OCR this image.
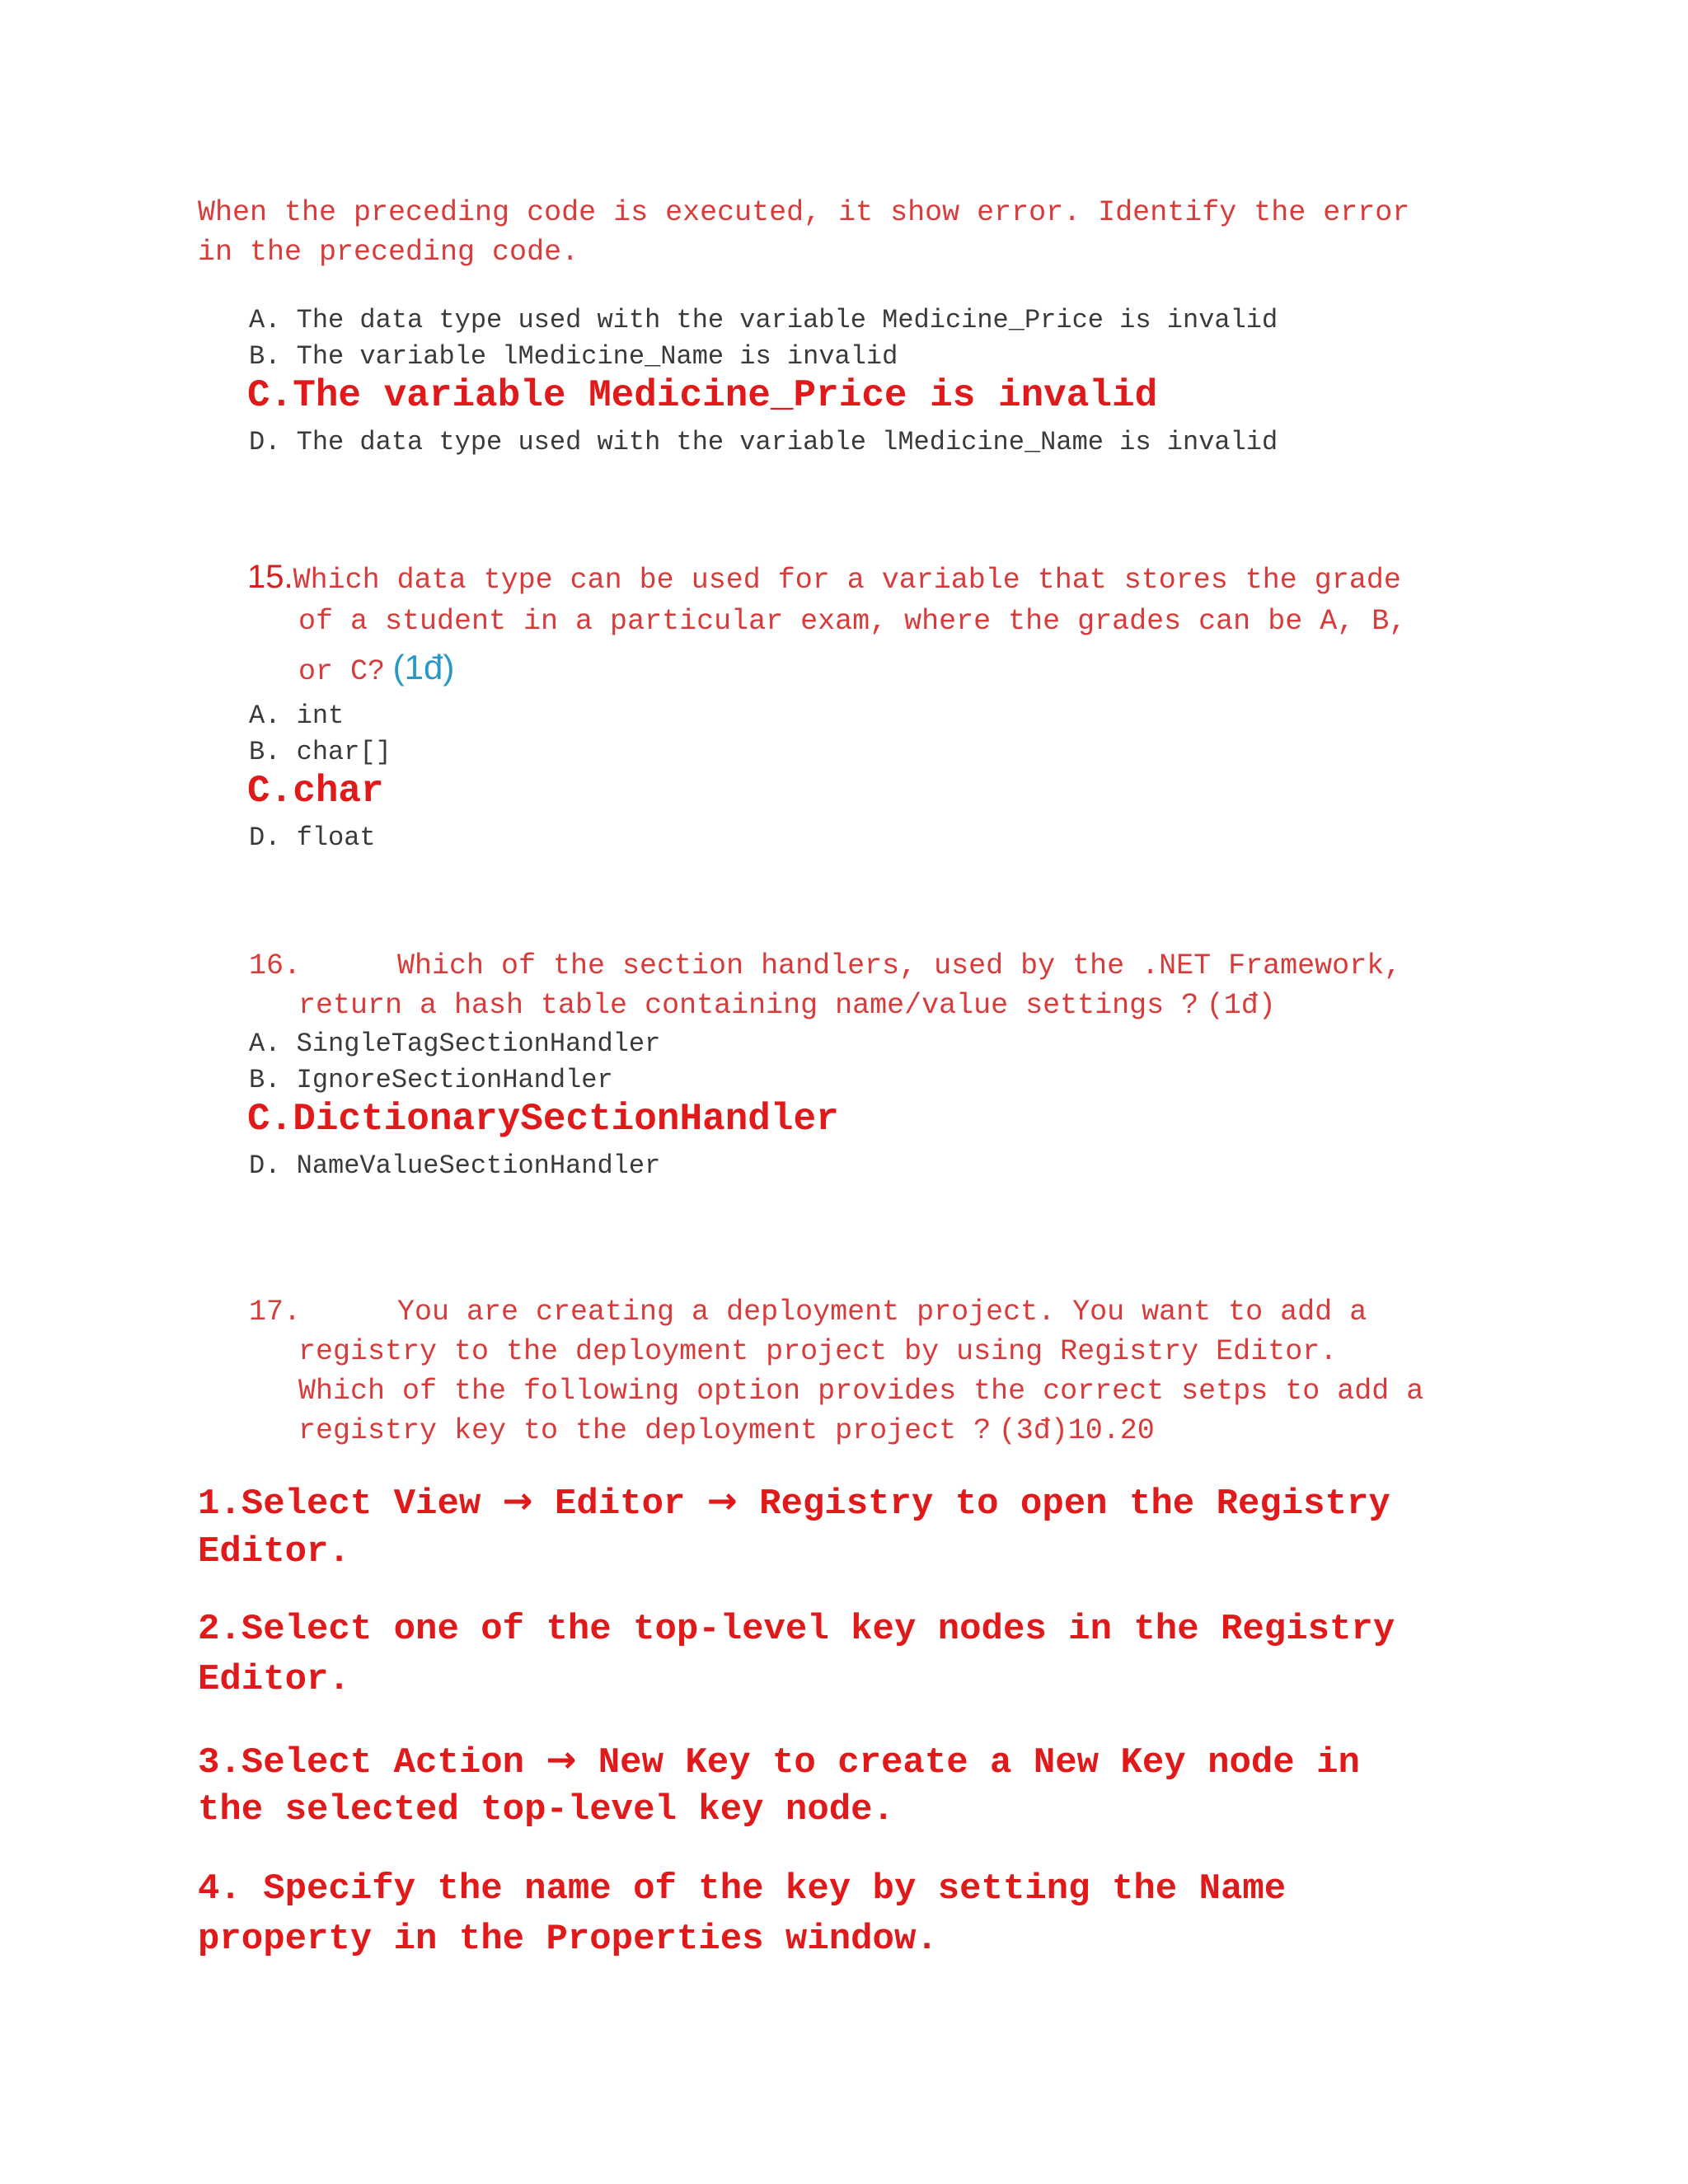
When the preceding code is executed, it show error. Identify the error
in the preceding code.
A. The data type used with the variable Medicine_Price is invalid
B. The variable lMedicine_Name is invalid
C.The variable Medicine_Price is invalid
D. The data type used with the variable lMedicine_Name is invalid
15.Which data type can be used for a variable that stores the grade
of a student in a particular exam, where the grades can be A, B,
or C? (1đ)
A. int
B. char[]
C.char
D. float
16.	Which of the section handlers, used by the .NET Framework,
return a hash table containing name/value settings ? (1đ)
A. SingleTagSectionHandler
B. IgnoreSectionHandler
C.DictionarySectionHandler
D. NameValueSectionHandler
17.	You are creating a deployment project. You want to add a
registry to the deployment project by using Registry Editor.
Which of the following option provides the correct setps to add a
registry key to the deployment project ? (3đ)10.20
1.Select View → Editor → Registry to open the Registry
Editor.
2.Select one of the top-level key nodes in the Registry
Editor.
3.Select Action → New Key to create a New Key node in
the selected top-level key node.
4. Specify the name of the key by setting the Name
property in the Properties window.
